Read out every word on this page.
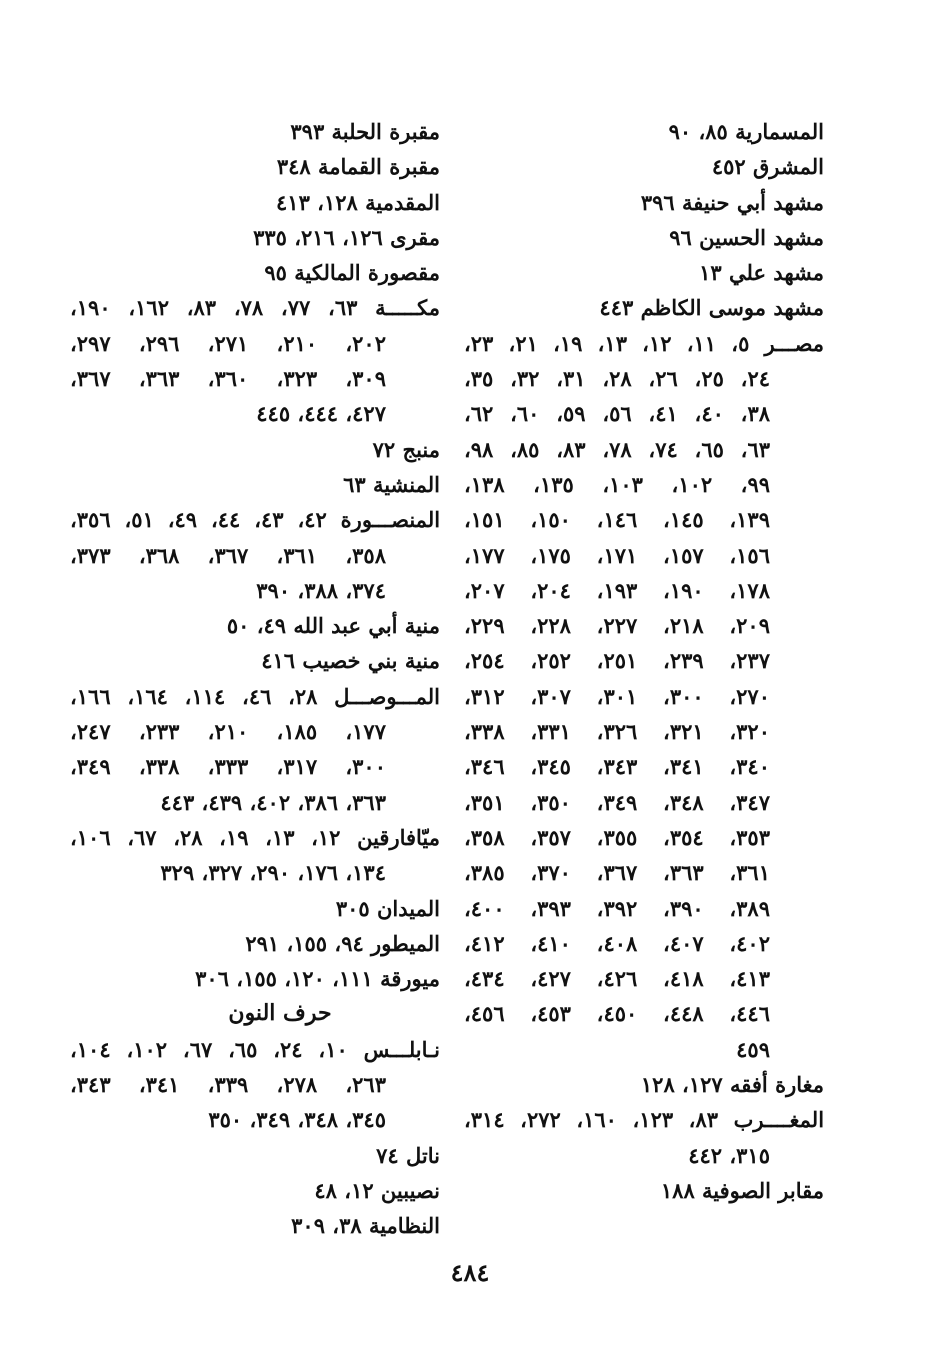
المسمارية ٨٥، ٩٠
المشرق ٤٥٢
مشهد أبي حنيفة ٣٩٦
مشهد الحسين ٩٦
مشهد علي ١٣
مشهد موسى الكاظم ٤٤٣
مصـــر ٥، ١١، ١٢، ١٣، ١٩، ٢١، ٢٣،
٢٤، ٢٥، ٢٦، ٢٨، ٣١، ٣٢، ٣٥،
٣٨، ٤٠، ٤١، ٥٦، ٥٩، ٦٠، ٦٢،
٦٣، ٦٥، ٧٤، ٧٨، ٨٣، ٨٥، ٩٨،
٩٩، ١٠٢، ١٠٣، ١٣٥، ١٣٨،
١٣٩، ١٤٥، ١٤٦، ١٥٠، ١٥١،
١٥٦، ١٥٧، ١٧١، ١٧٥، ١٧٧،
١٧٨، ١٩٠، ١٩٣، ٢٠٤، ٢٠٧،
٢٠٩، ٢١٨، ٢٢٧، ٢٢٨، ٢٢٩،
٢٣٧، ٢٣٩، ٢٥١، ٢٥٢، ٢٥٤،
٢٧٠، ٣٠٠، ٣٠١، ٣٠٧، ٣١٢،
٣٢٠، ٣٢١، ٣٢٦، ٣٣١، ٣٣٨،
٣٤٠، ٣٤١، ٣٤٣، ٣٤٥، ٣٤٦،
٣٤٧، ٣٤٨، ٣٤٩، ٣٥٠، ٣٥١،
٣٥٣، ٣٥٤، ٣٥٥، ٣٥٧، ٣٥٨،
٣٦١، ٣٦٣، ٣٦٧، ٣٧٠، ٣٨٥،
٣٨٩، ٣٩٠، ٣٩٢، ٣٩٣، ٤٠٠،
٤٠٢، ٤٠٧، ٤٠٨، ٤١٠، ٤١٢،
٤١٣، ٤١٨، ٤٢٦، ٤٢٧، ٤٣٤،
٤٤٦، ٤٤٨، ٤٥٠، ٤٥٣، ٤٥٦،
٤٥٩
مغارة أفقه ١٢٧، ١٢٨
المغــــرب ٨٣، ١٢٣، ١٦٠، ٢٧٢، ٣١٤،
٣١٥، ٤٤٢
مقابر الصوفية ١٨٨
مقبرة الحلبة ٣٩٣
مقبرة القمامة ٣٤٨
المقدمية ١٢٨، ٤١٣
مقرى ١٢٦، ٢١٦، ٣٣٥
مقصورة المالكية ٩٥
مكـــــة ٦٣، ٧٧، ٧٨، ٨٣، ١٦٢، ١٩٠،
٢٠٢، ٢١٠، ٢٧١، ٢٩٦، ٢٩٧،
٣٠٩، ٣٢٣، ٣٦٠، ٣٦٣، ٣٦٧،
٤٢٧، ٤٤٤، ٤٤٥
منبج ٧٢
المنشية ٦٣
المنصـــورة ٤٢، ٤٣، ٤٤، ٤٩، ٥١، ٣٥٦،
٣٥٨، ٣٦١، ٣٦٧، ٣٦٨، ٣٧٣،
٣٧٤، ٣٨٨، ٣٩٠
منية أبي عبد الله ٤٩، ٥٠
منية بني خصيب ٤١٦
المـــوصـــل ٢٨، ٤٦، ١١٤، ١٦٤، ١٦٦،
١٧٧، ١٨٥، ٢١٠، ٢٣٣، ٢٤٧،
٣٠٠، ٣١٧، ٣٣٣، ٣٣٨، ٣٤٩،
٣٦٣، ٣٨٦، ٤٠٢، ٤٣٩، ٤٤٣
ميّافارقين ١٢، ١٣، ١٩، ٢٨، ٦٧، ١٠٦،
١٣٤، ١٧٦، ٢٩٠، ٣٢٧، ٣٢٩
الميدان ٣٠٥
الميطور ٩٤، ١٥٥، ٢٩١
ميورقة ١١١، ١٢٠، ١٥٥، ٣٠٦
حرف النون
نـابلـــس ١٠، ٢٤، ٦٥، ٦٧، ١٠٢، ١٠٤،
٢٦٣، ٢٧٨، ٣٣٩، ٣٤١، ٣٤٣،
٣٤٥، ٣٤٨، ٣٤٩، ٣٥٠
ناتل ٧٤
نصيبين ١٢، ٤٨
النظامية ٣٨، ٣٠٩
٤٨٤
